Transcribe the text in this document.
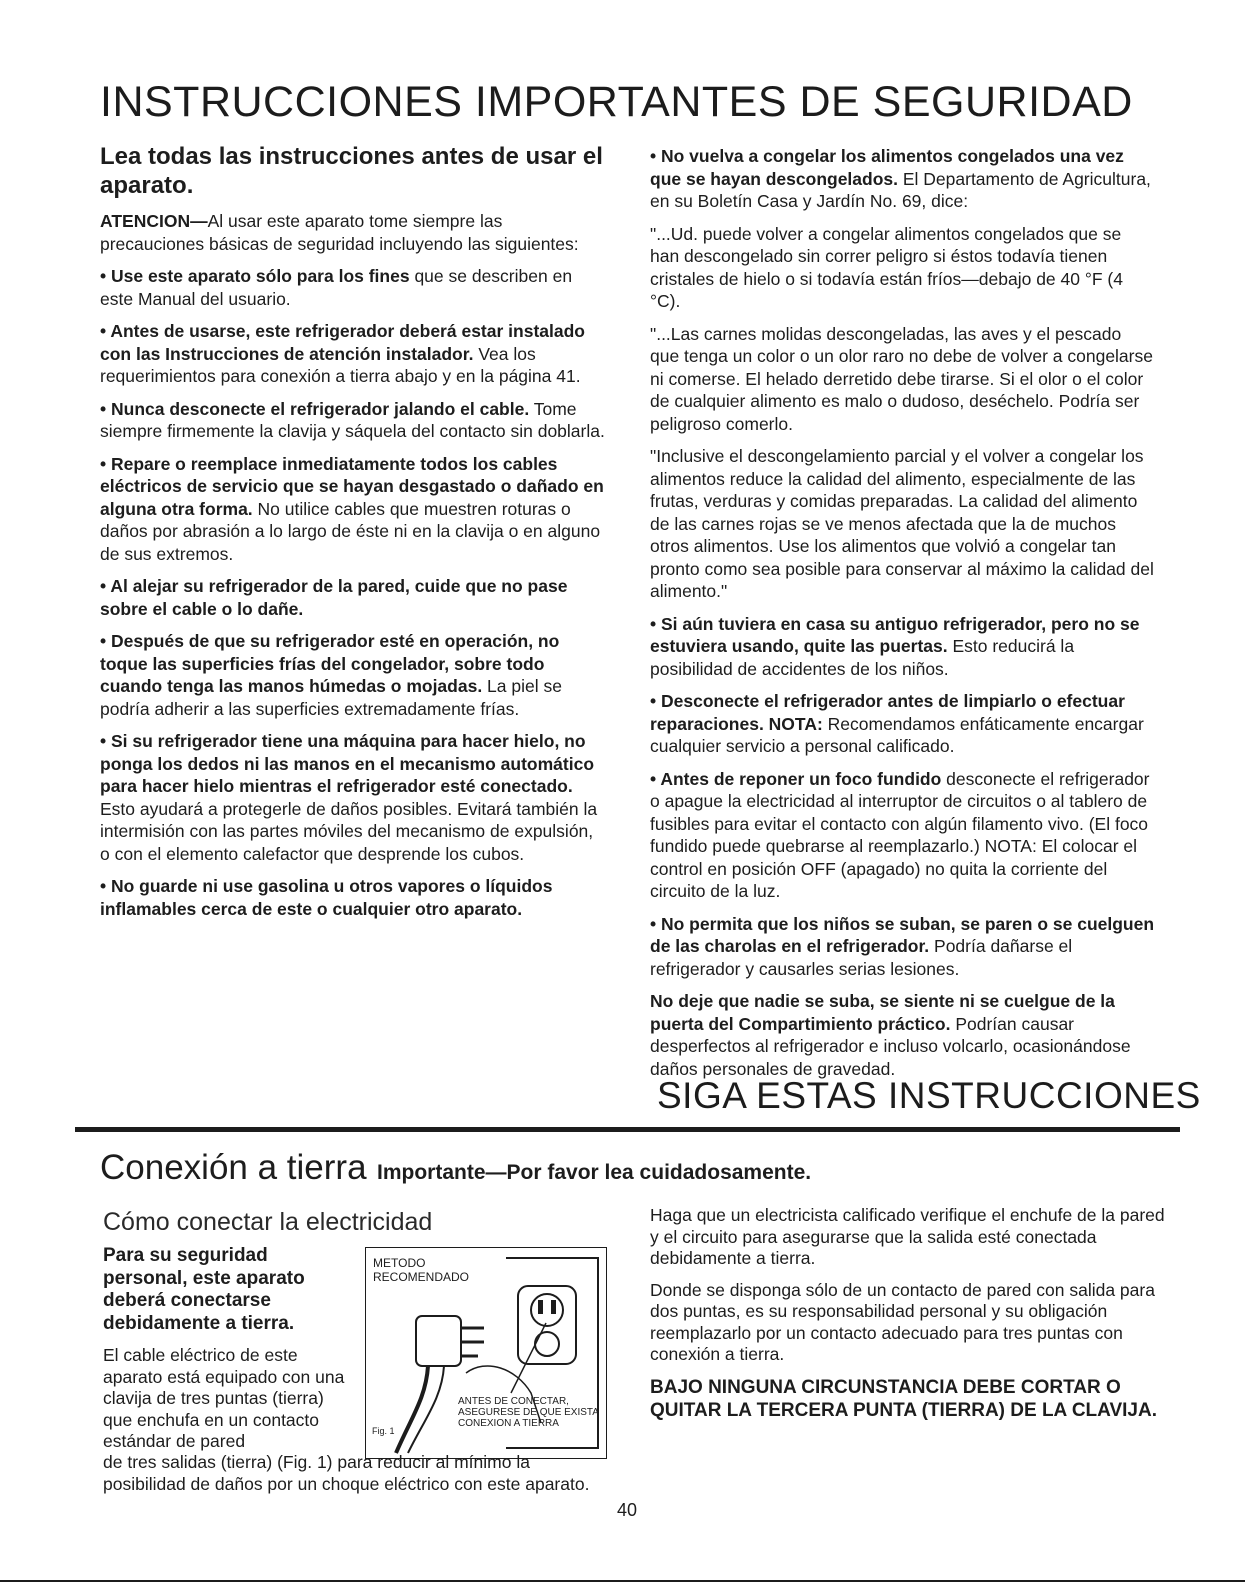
INSTRUCCIONES IMPORTANTES DE SEGURIDAD

Lea todas las instrucciones antes de usar el aparato.

ATENCION—Al usar este aparato tome siempre las precauciones básicas de seguridad incluyendo las siguientes:

• Use este aparato sólo para los fines que se describen en este Manual del usuario.

• Antes de usarse, este refrigerador deberá estar instalado con las Instrucciones de atención instalador. Vea los requerimientos para conexión a tierra abajo y en la página 41.

• Nunca desconecte el refrigerador jalando el cable. Tome siempre firmemente la clavija y sáquela del contacto sin doblarla.

• Repare o reemplace inmediatamente todos los cables eléctricos de servicio que se hayan desgastado o dañado en alguna otra forma. No utilice cables que muestren roturas o daños por abrasión a lo largo de éste ni en la clavija o en alguno de sus extremos.

• Al alejar su refrigerador de la pared, cuide que no pase sobre el cable o lo dañe.

• Después de que su refrigerador esté en operación, no toque las superficies frías del congelador, sobre todo cuando tenga las manos húmedas o mojadas. La piel se podría adherir a las superficies extremadamente frías.

• Si su refrigerador tiene una máquina para hacer hielo, no ponga los dedos ni las manos en el mecanismo automático para hacer hielo mientras el refrigerador esté conectado. Esto ayudará a protegerle de daños posibles. Evitará también la intermisión con las partes móviles del mecanismo de expulsión, o con el elemento calefactor que desprende los cubos.

• No guarde ni use gasolina u otros vapores o líquidos inflamables cerca de este o cualquier otro aparato.

• No vuelva a congelar los alimentos congelados una vez que se hayan descongelados. El Departamento de Agricultura, en su Boletín Casa y Jardín No. 69, dice:

"...Ud. puede volver a congelar alimentos congelados que se han descongelado sin correr peligro si éstos todavía tienen cristales de hielo o si todavía están fríos—debajo de 40 °F (4 °C).

"...Las carnes molidas descongeladas, las aves y el pescado que tenga un color o un olor raro no debe de volver a congelarse ni comerse. El helado derretido debe tirarse. Si el olor o el color de cualquier alimento es malo o dudoso, deséchelo. Podría ser peligroso comerlo.

"Inclusive el descongelamiento parcial y el volver a congelar los alimentos reduce la calidad del alimento, especialmente de las frutas, verduras y comidas preparadas. La calidad del alimento de las carnes rojas se ve menos afectada que la de muchos otros alimentos. Use los alimentos que volvió a congelar tan pronto como sea posible para conservar al máximo la calidad del alimento."

• Si aún tuviera en casa su antiguo refrigerador, pero no se estuviera usando, quite las puertas. Esto reducirá la posibilidad de accidentes de los niños.

• Desconecte el refrigerador antes de limpiarlo o efectuar reparaciones. NOTA: Recomendamos enfáticamente encargar cualquier servicio a personal calificado.

• Antes de reponer un foco fundido desconecte el refrigerador o apague la electricidad al interruptor de circuitos o al tablero de fusibles para evitar el contacto con algún filamento vivo. (El foco fundido puede quebrarse al reemplazarlo.) NOTA: El colocar el control en posición OFF (apagado) no quita la corriente del circuito de la luz.

• No permita que los niños se suban, se paren o se cuelguen de las charolas en el refrigerador. Podría dañarse el refrigerador y causarles serias lesiones.

No deje que nadie se suba, se siente ni se cuelgue de la puerta del Compartimiento práctico. Podrían causar desperfectos al refrigerador e incluso volcarlo, ocasionándose daños personales de gravedad.

SIGA ESTAS INSTRUCCIONES
Conexión a tierra Importante—Por favor lea cuidadosamente.
Cómo conectar la electricidad
Para su seguridad personal, este aparato deberá conectarse debidamente a tierra.
El cable eléctrico de este aparato está equipado con una clavija de tres puntas (tierra) que enchufa en un contacto estándar de pared
de tres salidas (tierra) (Fig. 1) para reducir al mínimo la posibilidad de daños por un choque eléctrico con este aparato.
METODO RECOMENDADO
ANTES DE CONECTAR, ASEGURESE DE QUE EXISTA CONEXION A TIERRA
Fig. 1

Haga que un electricista calificado verifique el enchufe de la pared y el circuito para asegurarse que la salida esté conectada debidamente a tierra.

Donde se disponga sólo de un contacto de pared con salida para dos puntas, es su responsabilidad personal y su obligación reemplazarlo por un contacto adecuado para tres puntas con conexión a tierra.

BAJO NINGUNA CIRCUNSTANCIA DEBE CORTAR O QUITAR LA TERCERA PUNTA (TIERRA) DE LA CLAVIJA.

40
